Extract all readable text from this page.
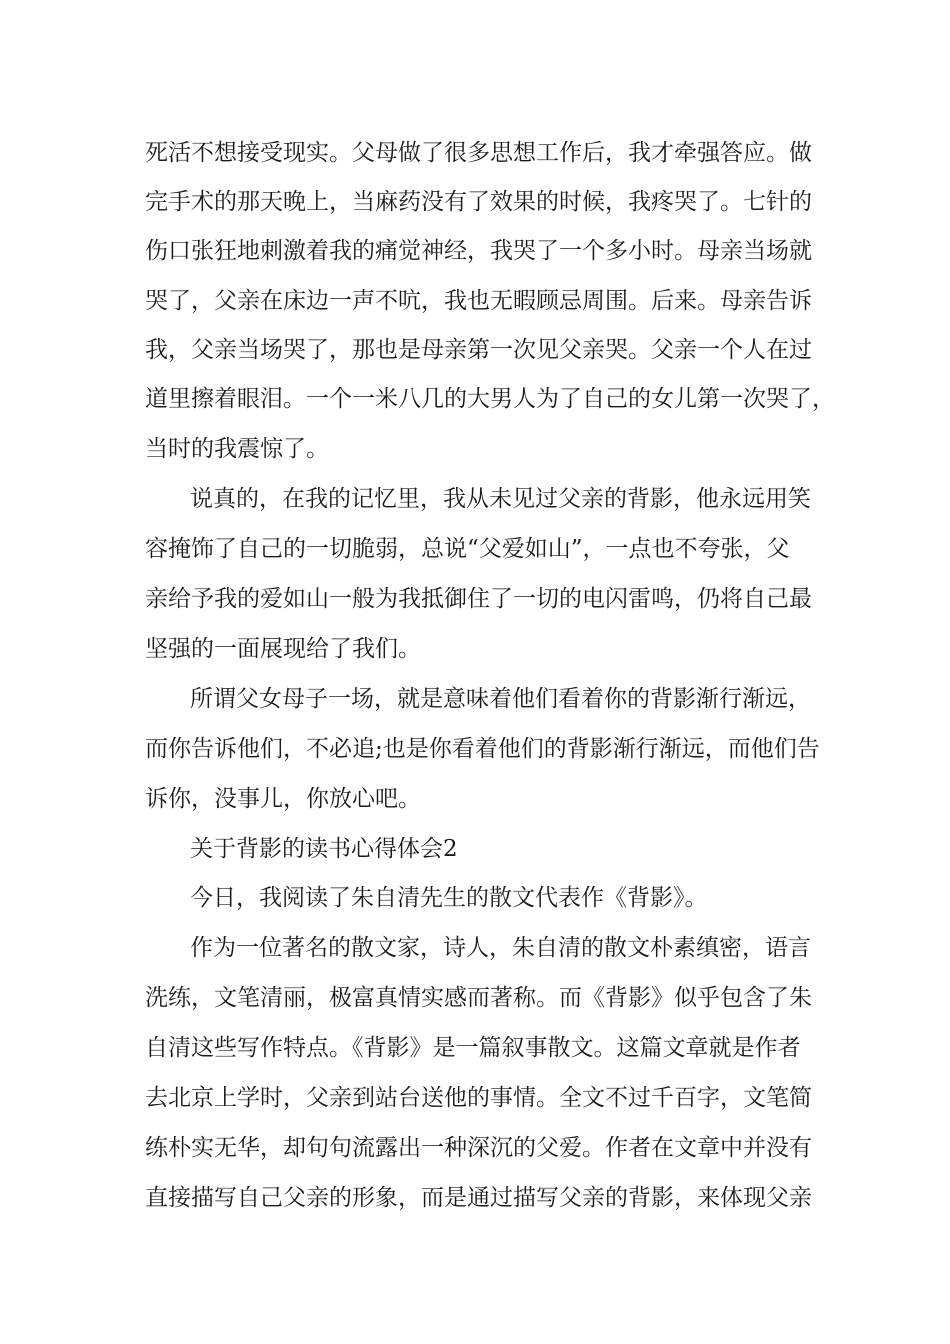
死活不想接受现实。父母做了很多思想工作后，我才牵强答应。做
完手术的那天晚上，当麻药没有了效果的时候，我疼哭了。七针的
伤口张狂地刺激着我的痛觉神经，我哭了一个多小时。母亲当场就
哭了，父亲在床边一声不吭，我也无暇顾忌周围。后来。母亲告诉
我，父亲当场哭了，那也是母亲第一次见父亲哭。父亲一个人在过
道里擦着眼泪。一个一米八几的大男人为了自己的女儿第一次哭了，
当时的我震惊了。
说真的，在我的记忆里，我从未见过父亲的背影，他永远用笑
容掩饰了自己的一切脆弱，总说“父爱如山”，一点也不夸张，父
亲给予我的爱如山一般为我抵御住了一切的电闪雷鸣，仍将自己最
坚强的一面展现给了我们。
所谓父女母子一场，就是意味着他们看着你的背影渐行渐远，
而你告诉他们，不必追;也是你看着他们的背影渐行渐远，而他们告
诉你，没事儿，你放心吧。
关于背影的读书心得体会2
今日，我阅读了朱自清先生的散文代表作《背影》。
作为一位著名的散文家，诗人，朱自清的散文朴素缜密，语言
洗练，文笔清丽，极富真情实感而著称。而《背影》似乎包含了朱
自清这些写作特点。《背影》是一篇叙事散文。这篇文章就是作者
去北京上学时，父亲到站台送他的事情。全文不过千百字，文笔简
练朴实无华，却句句流露出一种深沉的父爱。作者在文章中并没有
直接描写自己父亲的形象，而是通过描写父亲的背影，来体现父亲
